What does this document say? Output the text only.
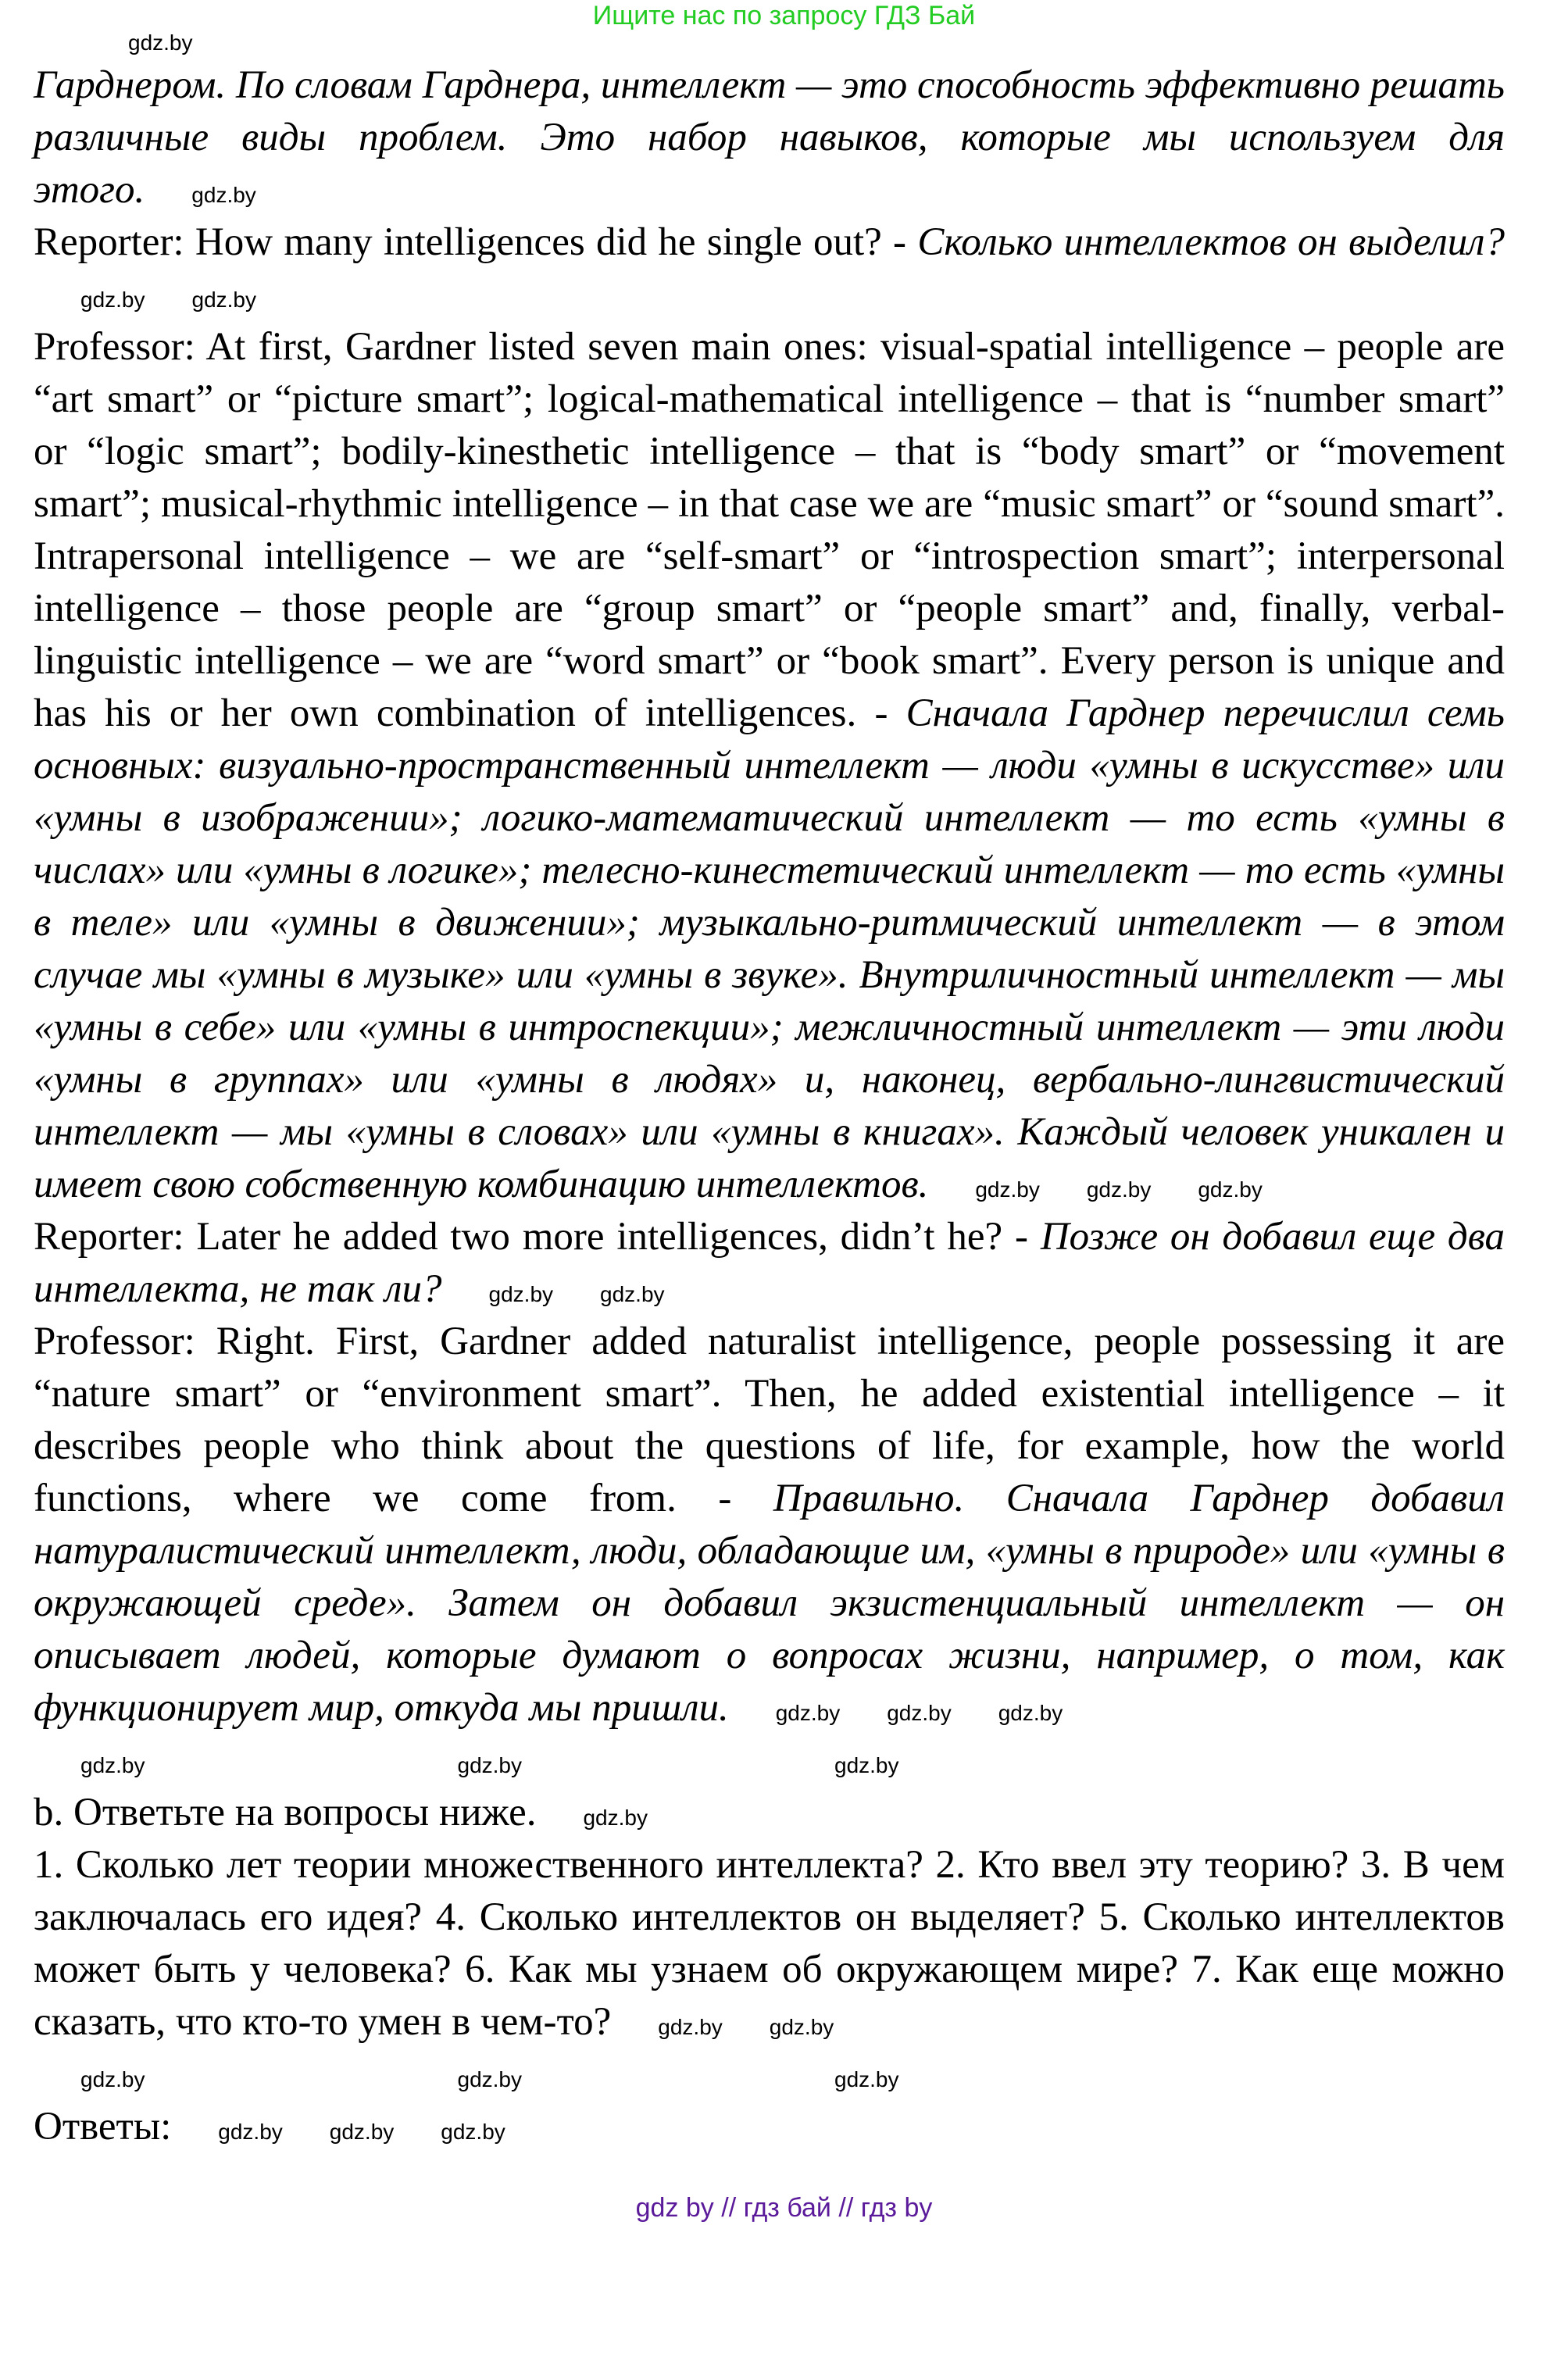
Ищите нас по запросу ГДЗ Бай
gdz.by

Гарднером. По словам Гарднера, интеллект — это способность эффективно решать различные виды проблем. Это набор навыков, которые мы используем для этого. gdz.by

Reporter: How many intelligences did he single out? - Сколько интеллектов он выделил?gdz.by gdz.by

Professor: At first, Gardner listed seven main ones: visual-spatial intelligence – people are “art smart” or “picture smart”; logical-mathematical intelligence – that is “number smart” or “logic smart”; bodily-kinesthetic intelligence – that is “body smart” or “movement smart”; musical-rhythmic intelligence – in that case we are “music smart” or “sound smart”. Intrapersonal intelligence – we are “self-smart” or “introspection smart”; interpersonal intelligence – those people are “group smart” or “people smart” and, finally, verbal-linguistic intelligence – we are “word smart” or “book smart”. Every person is unique and has his or her own combination of intelligences. - Сначала Гарднер перечислил семь основных: визуально-пространственный интеллект — люди «умны в искусстве» или «умны в изображении»; логико-математический интеллект — то есть «умны в числах» или «умны в логике»; телесно-кинестетический интеллект — то есть «умны в теле» или «умны в движении»; музыкально-ритмический интеллект — в этом случае мы «умны в музыке» или «умны в звуке». Внутриличностный интеллект — мы «умны в себе» или «умны в интроспекции»; межличностный интеллект — эти люди «умны в группах» или «умны в людях» и, наконец, вербально-лингвистический интеллект — мы «умны в словах» или «умны в книгах». Каждый человек уникален и имеет свою собственную комбинацию интеллектов. gdz.by gdz.by gdz.by

Reporter: Later he added two more intelligences, didn’t he? - Позже он добавил еще два интеллекта, не так ли? gdz.by gdz.by

Professor: Right. First, Gardner added naturalist intelligence, people possessing it are “nature smart” or “environment smart”. Then, he added existential intelligence – it describes people who think about the questions of life, for example, how the world functions, where we come from. - Правильно. Сначала Гарднер добавил натуралистический интеллект, люди, обладающие им, «умны в природе» или «умны в окружающей среде». Затем он добавил экзистенциальный интеллект — он описывает людей, которые думают о вопросах жизни, например, о том, как функционирует мир, откуда мы пришли. gdz.by gdz.by gdz.by

gdz.by	gdz.by	gdz.by

b. Ответьте на вопросы ниже. gdz.by

1. Сколько лет теории множественного интеллекта? 2. Кто ввел эту теорию? 3. В чем заключалась его идея? 4. Сколько интеллектов он выделяет? 5. Сколько интеллектов может быть у человека? 6. Как мы узнаем об окружающем мире? 7. Как еще можно сказать, что кто-то умен в чем-то? gdz.by gdz.by

gdz.by	gdz.by	gdz.by

Ответы: gdz.by gdz.by gdz.by

gdz by // гдз бай // гдз by
